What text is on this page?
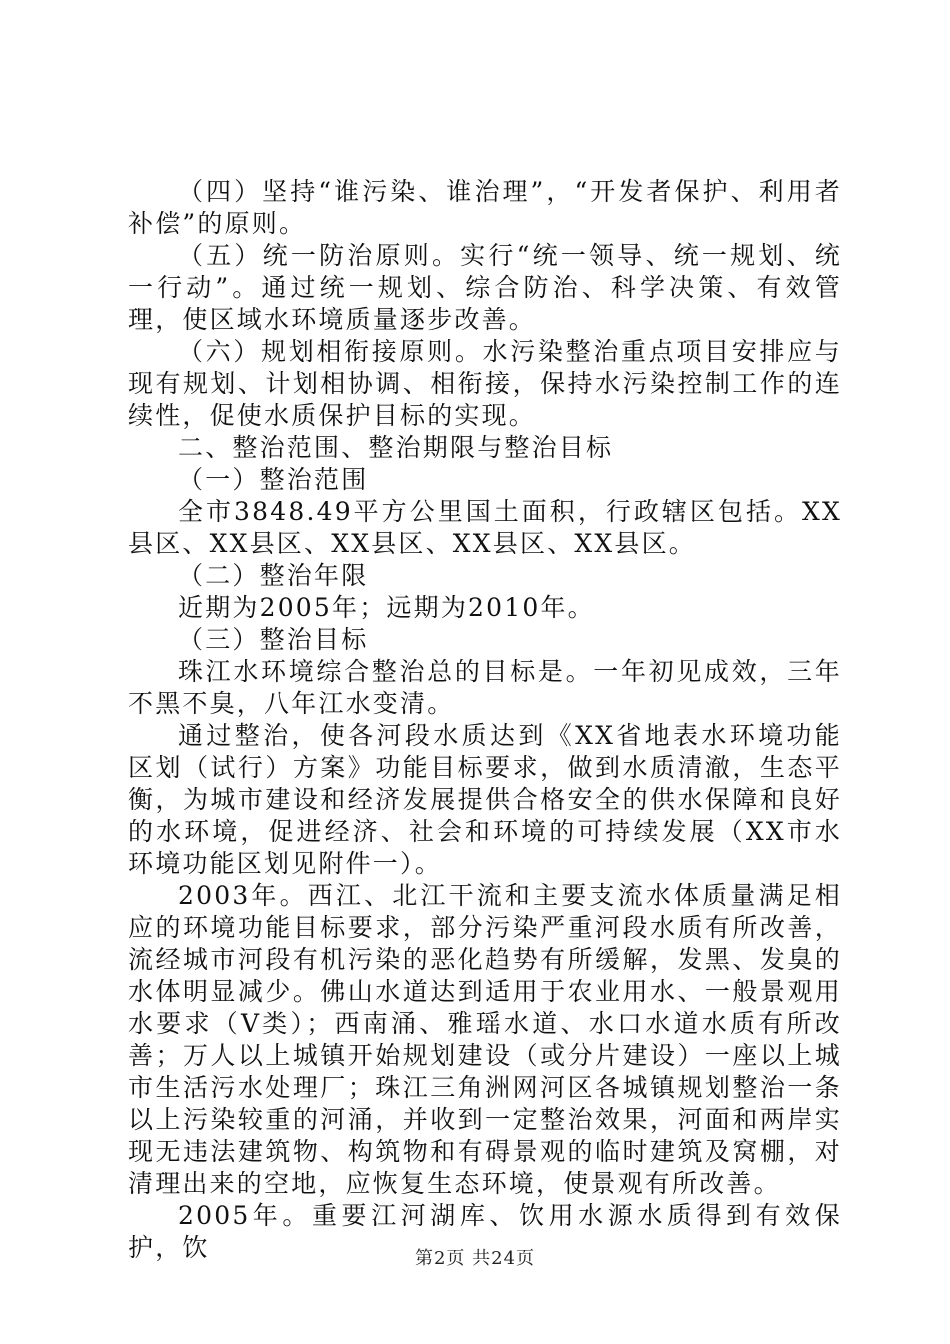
（四）坚持“谁污染、谁治理”，“开发者保护、利用者补偿”的原则。

（五）统一防治原则。实行“统一领导、统一规划、统一行动”。通过统一规划、综合防治、科学决策、有效管理，使区域水环境质量逐步改善。

（六）规划相衔接原则。水污染整治重点项目安排应与现有规划、计划相协调、相衔接，保持水污染控制工作的连续性，促使水质保护目标的实现。

二、整治范围、整治期限与整治目标

（一）整治范围

全市3848.49平方公里国土面积，行政辖区包括。XX县区、XX县区、XX县区、XX县区、XX县区。

（二）整治年限

近期为2005年；远期为2010年。

（三）整治目标

珠江水环境综合整治总的目标是。一年初见成效，三年不黑不臭，八年江水变清。

通过整治，使各河段水质达到《XX省地表水环境功能区划（试行）方案》功能目标要求，做到水质清澈，生态平衡，为城市建设和经济发展提供合格安全的供水保障和良好的水环境，促进经济、社会和环境的可持续发展（XX市水环境功能区划见附件一）。

2003年。西江、北江干流和主要支流水体质量满足相应的环境功能目标要求，部分污染严重河段水质有所改善，流经城市河段有机污染的恶化趋势有所缓解，发黑、发臭的水体明显减少。佛山水道达到适用于农业用水、一般景观用水要求（Ⅴ类）；西南涌、雅瑶水道、水口水道水质有所改善；万人以上城镇开始规划建设（或分片建设）一座以上城市生活污水处理厂；珠江三角洲网河区各城镇规划整治一条以上污染较重的河涌，并收到一定整治效果，河面和两岸实现无违法建筑物、构筑物和有碍景观的临时建筑及窝棚，对清理出来的空地，应恢复生态环境，使景观有所改善。

2005年。重要江河湖库、饮用水源水质得到有效保护，饮	第2页 共24页
